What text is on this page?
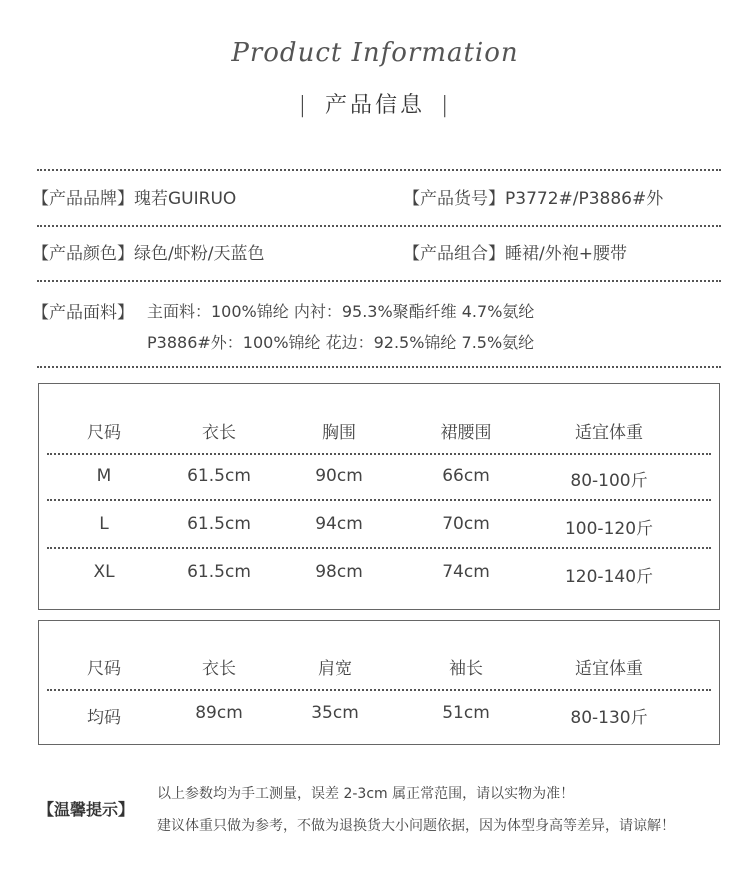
Product Information
| 产品信息 |
【产品品牌】瑰若GUIRUO	【产品货号】P3772#/P3886#外
【产品颜色】绿色/虾粉/天蓝色	【产品组合】睡裙/外袍+腰带
【产品面料】 主面料：100%锦纶 内衬：95.3%聚酯纤维 4.7%氨纶
P3886#外：100%锦纶 花边：92.5%锦纶 7.5%氨纶
尺码	衣长	胸围	裙腰围	适宜体重
M	61.5cm	90cm	66cm	80-100斤
L	61.5cm	94cm	70cm	100-120斤
XL	61.5cm	98cm	74cm	120-140斤
尺码	衣长	肩宽	袖长	适宜体重
均码	89cm	35cm	51cm	80-130斤
【温馨提示】
以上参数均为手工测量，误差 2-3cm 属正常范围，请以实物为准！
建议体重只做为参考，不做为退换货大小问题依据，因为体型身高等差异，请谅解！
